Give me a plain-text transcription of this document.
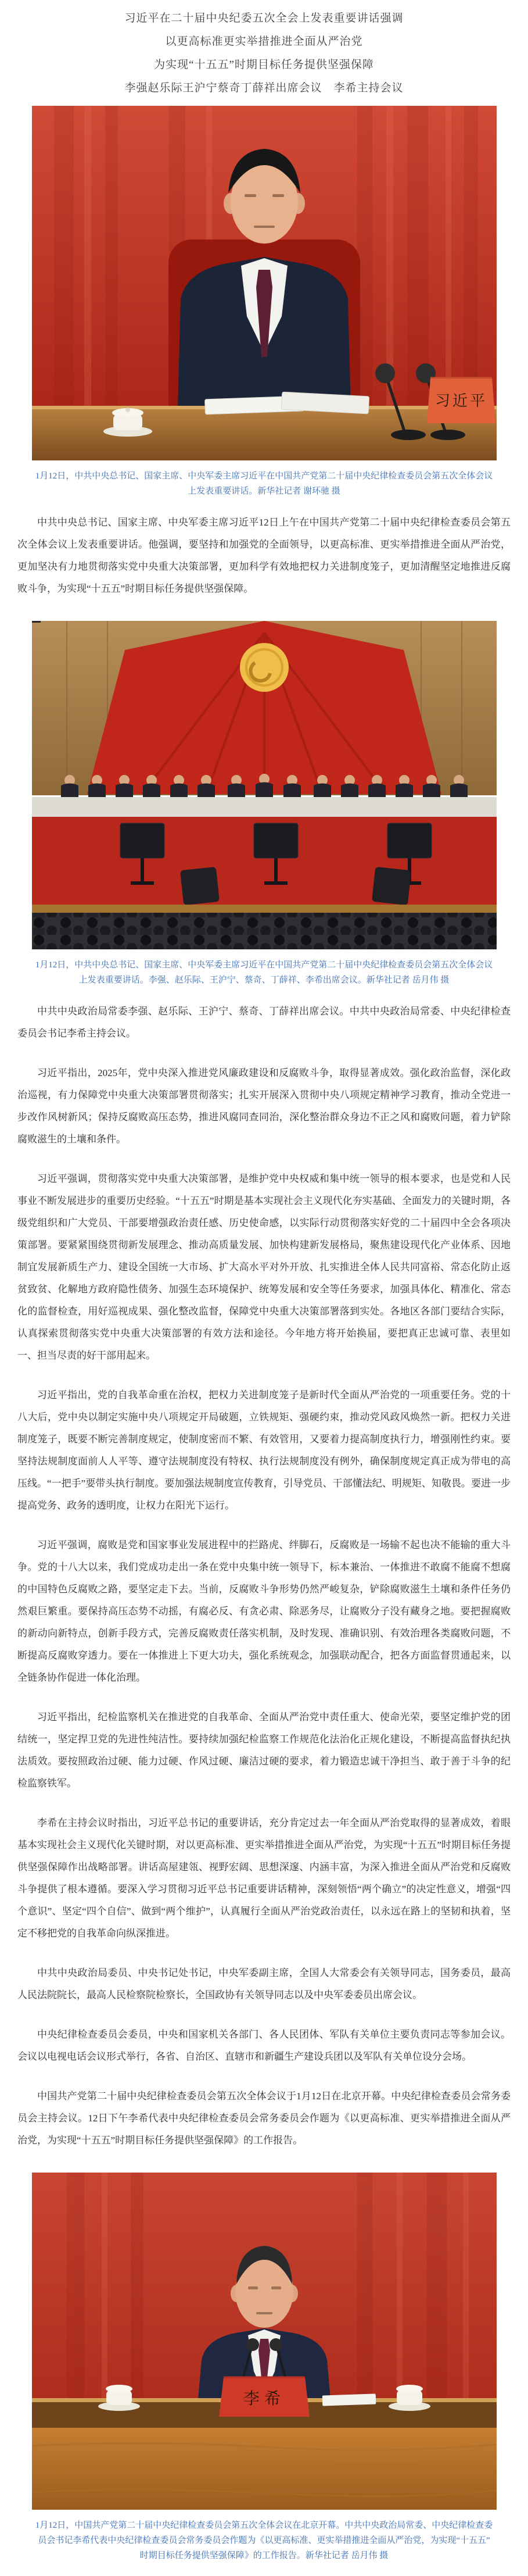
习近平在二十届中央纪委五次全会上发表重要讲话强调
以更高标准更实举措推进全面从严治党
为实现“十五五”时期目标任务提供坚强保障
李强赵乐际王沪宁蔡奇丁薛祥出席会议　李希主持会议
习近平
1月12日，中共中央总书记、国家主席、中央军委主席习近平在中国共产党第二十届中央纪律检查委员会第五次全体会议上发表重要讲话。新华社记者 谢环驰 摄

中共中央总书记、国家主席、中央军委主席习近平12日上午在中国共产党第二十届中央纪律检查委员会第五次全体会议上发表重要讲话。他强调，要坚持和加强党的全面领导，以更高标准、更实举措推进全面从严治党，更加坚决有力地贯彻落实党中央重大决策部署，更加科学有效地把权力关进制度笼子，更加清醒坚定地推进反腐败斗争，为实现“十五五”时期目标任务提供坚强保障。

1月12日，中共中央总书记、国家主席、中央军委主席习近平在中国共产党第二十届中央纪律检查委员会第五次全体会议上发表重要讲话。李强、赵乐际、王沪宁、蔡奇、丁薛祥、李希出席会议。新华社记者 岳月伟 摄

中共中央政治局常委李强、赵乐际、王沪宁、蔡奇、丁薛祥出席会议。中共中央政治局常委、中央纪律检查委员会书记李希主持会议。

习近平指出，2025年，党中央深入推进党风廉政建设和反腐败斗争，取得显著成效。强化政治监督，深化政治巡视，有力保障党中央重大决策部署贯彻落实；扎实开展深入贯彻中央八项规定精神学习教育，推动全党进一步改作风树新风；保持反腐败高压态势，推进风腐同查同治，深化整治群众身边不正之风和腐败问题，着力铲除腐败滋生的土壤和条件。

习近平强调，贯彻落实党中央重大决策部署，是维护党中央权威和集中统一领导的根本要求，也是党和人民事业不断发展进步的重要历史经验。“十五五”时期是基本实现社会主义现代化夯实基础、全面发力的关键时期，各级党组织和广大党员、干部要增强政治责任感、历史使命感，以实际行动贯彻落实好党的二十届四中全会各项决策部署。要紧紧围绕贯彻新发展理念、推动高质量发展、加快构建新发展格局，聚焦建设现代化产业体系、因地制宜发展新质生产力、建设全国统一大市场、扩大高水平对外开放、扎实推进全体人民共同富裕、常态化防止返贫致贫、化解地方政府隐性债务、加强生态环境保护、统筹发展和安全等任务要求，加强具体化、精准化、常态化的监督检查，用好巡视成果、强化整改监督，保障党中央重大决策部署落到实处。各地区各部门要结合实际，认真探索贯彻落实党中央重大决策部署的有效方法和途径。今年地方将开始换届，要把真正忠诚可靠、表里如一、担当尽责的好干部用起来。

习近平指出，党的自我革命重在治权，把权力关进制度笼子是新时代全面从严治党的一项重要任务。党的十八大后，党中央以制定实施中央八项规定开局破题，立铁规矩、强硬约束，推动党风政风焕然一新。把权力关进制度笼子，既要不断完善制度规定，使制度密而不繁、有效管用，又要着力提高制度执行力，增强刚性约束。要坚持法规制度面前人人平等、遵守法规制度没有特权、执行法规制度没有例外，确保制度规定真正成为带电的高压线。“一把手”要带头执行制度。要加强法规制度宣传教育，引导党员、干部懂法纪、明规矩、知敬畏。要进一步提高党务、政务的透明度，让权力在阳光下运行。

习近平强调，腐败是党和国家事业发展进程中的拦路虎、绊脚石，反腐败是一场输不起也决不能输的重大斗争。党的十八大以来，我们党成功走出一条在党中央集中统一领导下，标本兼治、一体推进不敢腐不能腐不想腐的中国特色反腐败之路，要坚定走下去。当前，反腐败斗争形势仍然严峻复杂，铲除腐败滋生土壤和条件任务仍然艰巨繁重。要保持高压态势不动摇，有腐必反、有贪必肃、除恶务尽，让腐败分子没有藏身之地。要把握腐败的新动向新特点，创新手段方式，完善反腐败责任落实机制，及时发现、准确识别、有效治理各类腐败问题，不断提高反腐败穿透力。要在一体推进上下更大功夫，强化系统观念，加强联动配合，把各方面监督贯通起来，以全链条协作促进一体化治理。

习近平指出，纪检监察机关在推进党的自我革命、全面从严治党中责任重大、使命光荣，要坚定维护党的团结统一，坚定捍卫党的先进性纯洁性。要持续加强纪检监察工作规范化法治化正规化建设，不断提高监督执纪执法质效。要按照政治过硬、能力过硬、作风过硬、廉洁过硬的要求，着力锻造忠诚干净担当、敢于善于斗争的纪检监察铁军。

李希在主持会议时指出，习近平总书记的重要讲话，充分肯定过去一年全面从严治党取得的显著成效，着眼基本实现社会主义现代化关键时期，对以更高标准、更实举措推进全面从严治党，为实现“十五五”时期目标任务提供坚强保障作出战略部署。讲话高屋建瓴、视野宏阔、思想深邃、内涵丰富，为深入推进全面从严治党和反腐败斗争提供了根本遵循。要深入学习贯彻习近平总书记重要讲话精神，深刻领悟“两个确立”的决定性意义，增强“四个意识”、坚定“四个自信”、做到“两个维护”，认真履行全面从严治党政治责任，以永远在路上的坚韧和执着，坚定不移把党的自我革命向纵深推进。

中共中央政治局委员、中央书记处书记，中央军委副主席，全国人大常委会有关领导同志，国务委员，最高人民法院院长，最高人民检察院检察长，全国政协有关领导同志以及中央军委委员出席会议。

中央纪律检查委员会委员，中央和国家机关各部门、各人民团体、军队有关单位主要负责同志等参加会议。会议以电视电话会议形式举行，各省、自治区、直辖市和新疆生产建设兵团以及军队有关单位设分会场。

中国共产党第二十届中央纪律检查委员会第五次全体会议于1月12日在北京开幕。中央纪律检查委员会常务委员会主持会议。12日下午李希代表中央纪律检查委员会常务委员会作题为《以更高标准、更实举措推进全面从严治党，为实现“十五五”时期目标任务提供坚强保障》的工作报告。

李希
1月12日，中国共产党第二十届中央纪律检查委员会第五次全体会议在北京开幕。中共中央政治局常委、中央纪律检查委员会书记李希代表中央纪律检查委员会常务委员会作题为《以更高标准、更实举措推进全面从严治党，为实现“十五五”时期目标任务提供坚强保障》的工作报告。新华社记者 岳月伟 摄
